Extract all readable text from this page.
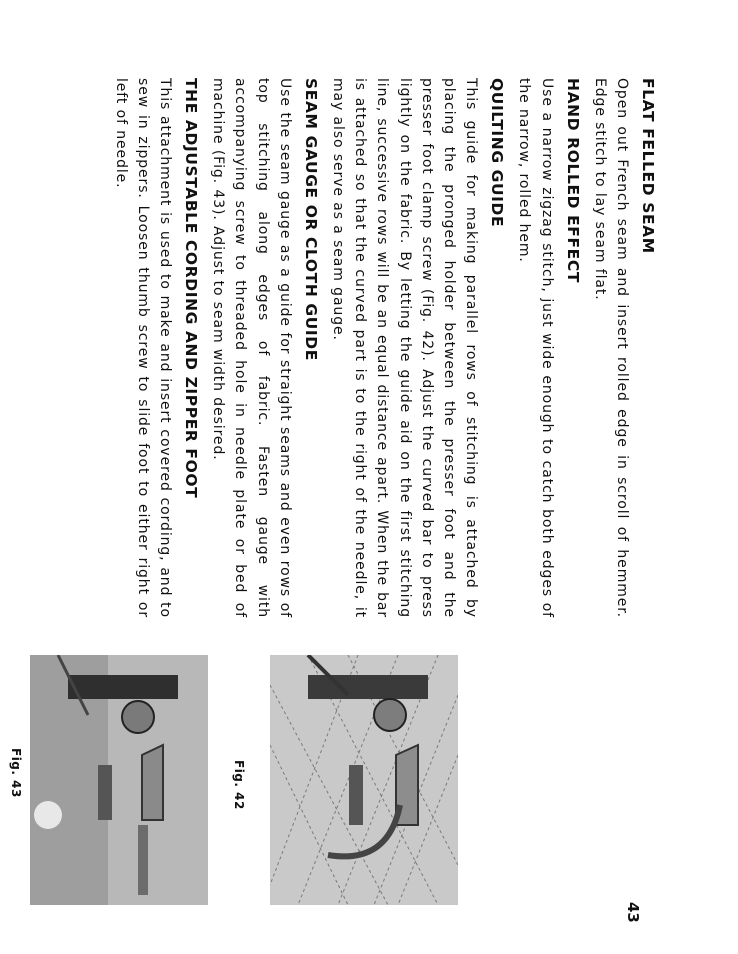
FLAT FELLED SEAM

Open out French seam and insert rolled edge in scroll of hemmer. Edge stitch to lay seam flat.

HAND ROLLED EFFECT

Use a narrow zigzag stitch, just wide enough to catch both edges of the narrow, rolled hem.

QUILTING GUIDE

This guide for making parallel rows of stitching is attached by placing the pronged holder between the presser foot and the presser foot clamp screw (Fig. 42). Adjust the curved bar to press lightly on the fabric. By letting the guide aid on the first stitching line, successive rows will be an equal distance apart. When the bar is attached so that the curved part is to the right of the needle, it may also serve as a seam gauge.

SEAM GAUGE OR CLOTH GUIDE

Use the seam gauge as a guide for straight seams and even rows of top stitching along edges of fabric. Fasten gauge with accompanying screw to threaded hole in needle plate or bed of machine (Fig. 43). Adjust to seam width desired.

THE ADJUSTABLE CORDING AND ZIPPER FOOT

This attachment is used to make and insert covered cording, and to sew in zippers. Loosen thumb screw to slide foot to either right or left of needle.

43
Fig. 42
Fig. 43
